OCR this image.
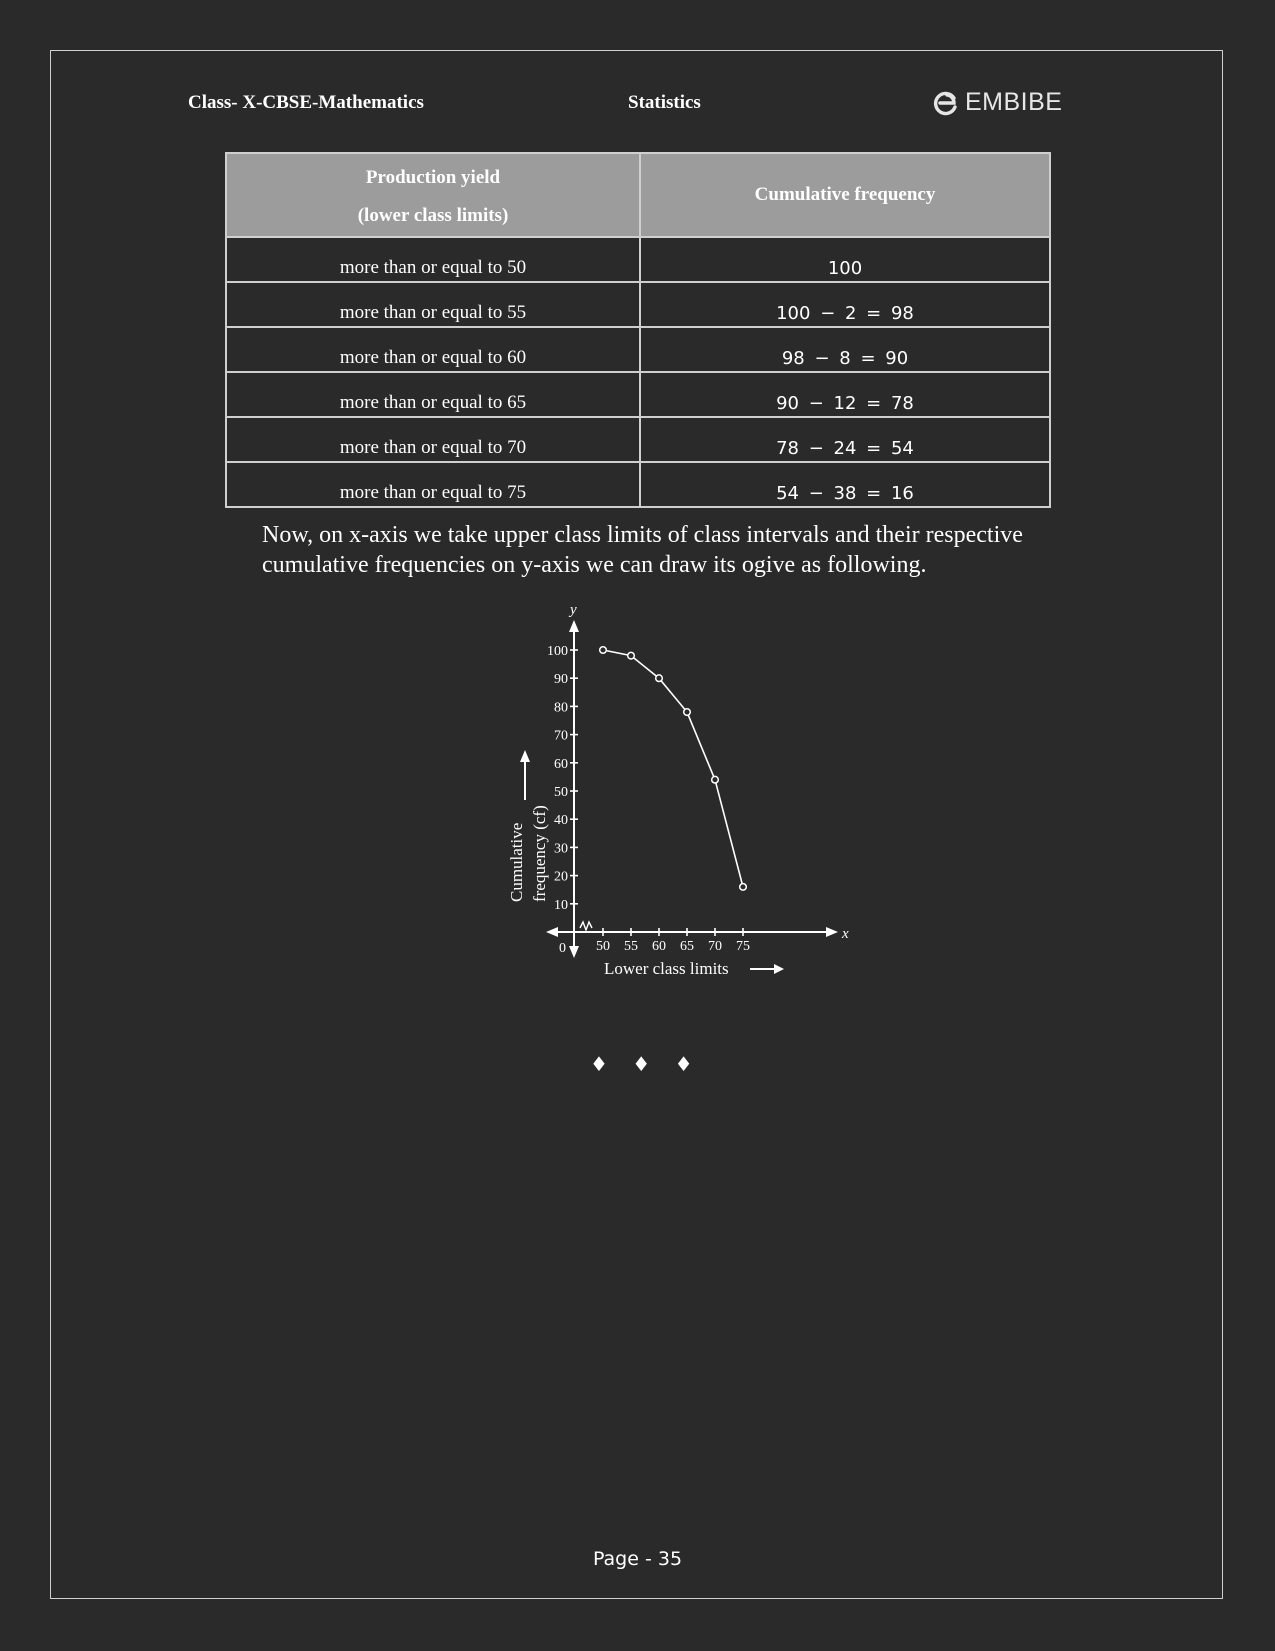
Class- X-CBSE-Mathematics	Statistics	EMBIBE
Production yield
(lower class limits)	Cumulative frequency
more than or equal to 50	100
more than or equal to 55	100 − 2 = 98
more than or equal to 60	98 − 8 = 90
more than or equal to 65	90 − 12 = 78
more than or equal to 70	78 − 24 = 54
more than or equal to 75	54 − 38 = 16
Now, on x-axis we take upper class limits of class intervals and their respective cumulative frequencies on y-axis we can draw its ogive as following.
x
y
0
10
20
30
40
50
60
70
80
90
100
50 55 60 65 70 75
Lower class limits
Cumulative frequency (cf)
♦ ♦ ♦
Page - 35
